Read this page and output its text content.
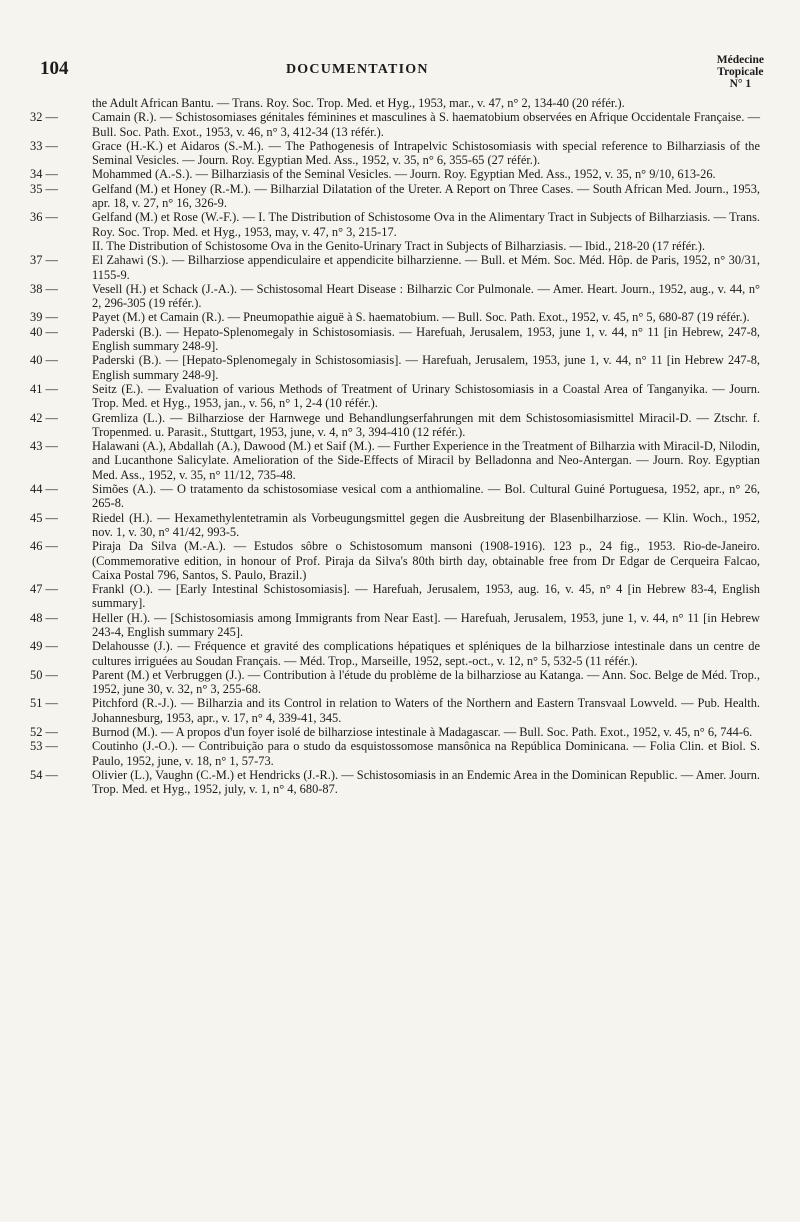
104	DOCUMENTATION
Médecine
Tropicale
N° 1
the Adult African Bantu. — Trans. Roy. Soc. Trop. Med. et Hyg., 1953, mar., v. 47, n° 2, 134-40 (20 référ.).
32 —	Camain (R.). — Schistosomiases génitales féminines et masculines à S. haematobium observées en Afrique Occidentale Française. — Bull. Soc. Path. Exot., 1953, v. 46, n° 3, 412-34 (13 référ.).
33 —	Grace (H.-K.) et Aidaros (S.-M.). — The Pathogenesis of Intrapelvic Schistosomiasis with special reference to Bilharziasis of the Seminal Vesicles. — Journ. Roy. Egyptian Med. Ass., 1952, v. 35, n° 6, 355-65 (27 référ.).
34 —	Mohammed (A.-S.). — Bilharziasis of the Seminal Vesicles. — Journ. Roy. Egyptian Med. Ass., 1952, v. 35, n° 9/10, 613-26.
35 —	Gelfand (M.) et Honey (R.-M.). — Bilharzial Dilatation of the Ureter. A Report on Three Cases. — South African Med. Journ., 1953, apr. 18, v. 27, n° 16, 326-9.
36 —	Gelfand (M.) et Rose (W.-F.). — I. The Distribution of Schistosome Ova in the Alimentary Tract in Subjects of Bilharziasis. — Trans. Roy. Soc. Trop. Med. et Hyg., 1953, may, v. 47, n° 3, 215-17.
II. The Distribution of Schistosome Ova in the Genito-Urinary Tract in Subjects of Bilharziasis. — Ibid., 218-20 (17 référ.).
37 —	El Zahawi (S.). — Bilharziose appendiculaire et appendicite bilharzienne. — Bull. et Mém. Soc. Méd. Hôp. de Paris, 1952, n° 30/31, 1155-9.
38 —	Vesell (H.) et Schack (J.-A.). — Schistosomal Heart Disease : Bilharzic Cor Pulmonale. — Amer. Heart. Journ., 1952, aug., v. 44, n° 2, 296-305 (19 référ.).
39 —	Payet (M.) et Camain (R.). — Pneumopathie aiguë à S. haematobium. — Bull. Soc. Path. Exot., 1952, v. 45, n° 5, 680-87 (19 référ.).
40 —	Paderski (B.). — Hepato-Splenomegaly in Schistosomiasis. — Harefuah, Jerusalem, 1953, june 1, v. 44, n° 11 [in Hebrew, 247-8, English summary 248-9].
40 —	Paderski (B.). — [Hepato-Splenomegaly in Schistosomiasis]. — Harefuah, Jerusalem, 1953, june 1, v. 44, n° 11 [in Hebrew 247-8, English summary 248-9].
41 —	Seitz (E.). — Evaluation of various Methods of Treatment of Urinary Schistosomiasis in a Coastal Area of Tanganyika. — Journ. Trop. Med. et Hyg., 1953, jan., v. 56, n° 1, 2-4 (10 référ.).
42 —	Gremliza (L.). — Bilharziose der Harnwege und Behandlungserfahrungen mit dem Schistosomiasismittel Miracil-D. — Ztschr. f. Tropenmed. u. Parasit., Stuttgart, 1953, june, v. 4, n° 3, 394-410 (12 référ.).
43 —	Halawani (A.), Abdallah (A.), Dawood (M.) et Saif (M.). — Further Experience in the Treatment of Bilharzia with Miracil-D, Nilodin, and Lucanthone Salicylate. Amelioration of the Side-Effects of Miracil by Belladonna and Neo-Antergan. — Journ. Roy. Egyptian Med. Ass., 1952, v. 35, n° 11/12, 735-48.
44 —	Simões (A.). — O tratamento da schistosomiase vesical com a anthiomaline. — Bol. Cultural Guiné Portuguesa, 1952, apr., n° 26, 265-8.
45 —	Riedel (H.). — Hexamethylentetramin als Vorbeugungsmittel gegen die Ausbreitung der Blasenbilharziose. — Klin. Woch., 1952, nov. 1, v. 30, n° 41/42, 993-5.
46 —	Piraja Da Silva (M.-A.). — Estudos sôbre o Schistosomum mansoni (1908-1916). 123 p., 24 fig., 1953. Rio-de-Janeiro. (Commemorative edition, in honour of Prof. Piraja da Silva's 80th birth day, obtainable free from Dr Edgar de Cerqueira Falcao, Caixa Postal 796, Santos, S. Paulo, Brazil.)
47 —	Frankl (O.). — [Early Intestinal Schistosomiasis]. — Harefuah, Jerusalem, 1953, aug. 16, v. 45, n° 4 [in Hebrew 83-4, English summary].
48 —	Heller (H.). — [Schistosomiasis among Immigrants from Near East]. — Harefuah, Jerusalem, 1953, june 1, v. 44, n° 11 [in Hebrew 243-4, English summary 245].
49 —	Delahousse (J.). — Fréquence et gravité des complications hépatiques et spléniques de la bilharziose intestinale dans un centre de cultures irriguées au Soudan Français. — Méd. Trop., Marseille, 1952, sept.-oct., v. 12, n° 5, 532-5 (11 référ.).
50 —	Parent (M.) et Verbruggen (J.). — Contribution à l'étude du problème de la bilharziose au Katanga. — Ann. Soc. Belge de Méd. Trop., 1952, june 30, v. 32, n° 3, 255-68.
51 —	Pitchford (R.-J.). — Bilharzia and its Control in relation to Waters of the Northern and Eastern Transvaal Lowveld. — Pub. Health. Johannesburg, 1953, apr., v. 17, n° 4, 339-41, 345.
52 —	Burnod (M.). — A propos d'un foyer isolé de bilharziose intestinale à Madagascar. — Bull. Soc. Path. Exot., 1952, v. 45, n° 6, 744-6.
53 —	Coutinho (J.-O.). — Contribuição para o studo da esquistossomose mansônica na República Dominicana. — Folia Clin. et Biol. S. Paulo, 1952, june, v. 18, n° 1, 57-73.
54 —	Olivier (L.), Vaughn (C.-M.) et Hendricks (J.-R.). — Schistosomiasis in an Endemic Area in the Dominican Republic. — Amer. Journ. Trop. Med. et Hyg., 1952, july, v. 1, n° 4, 680-87.
